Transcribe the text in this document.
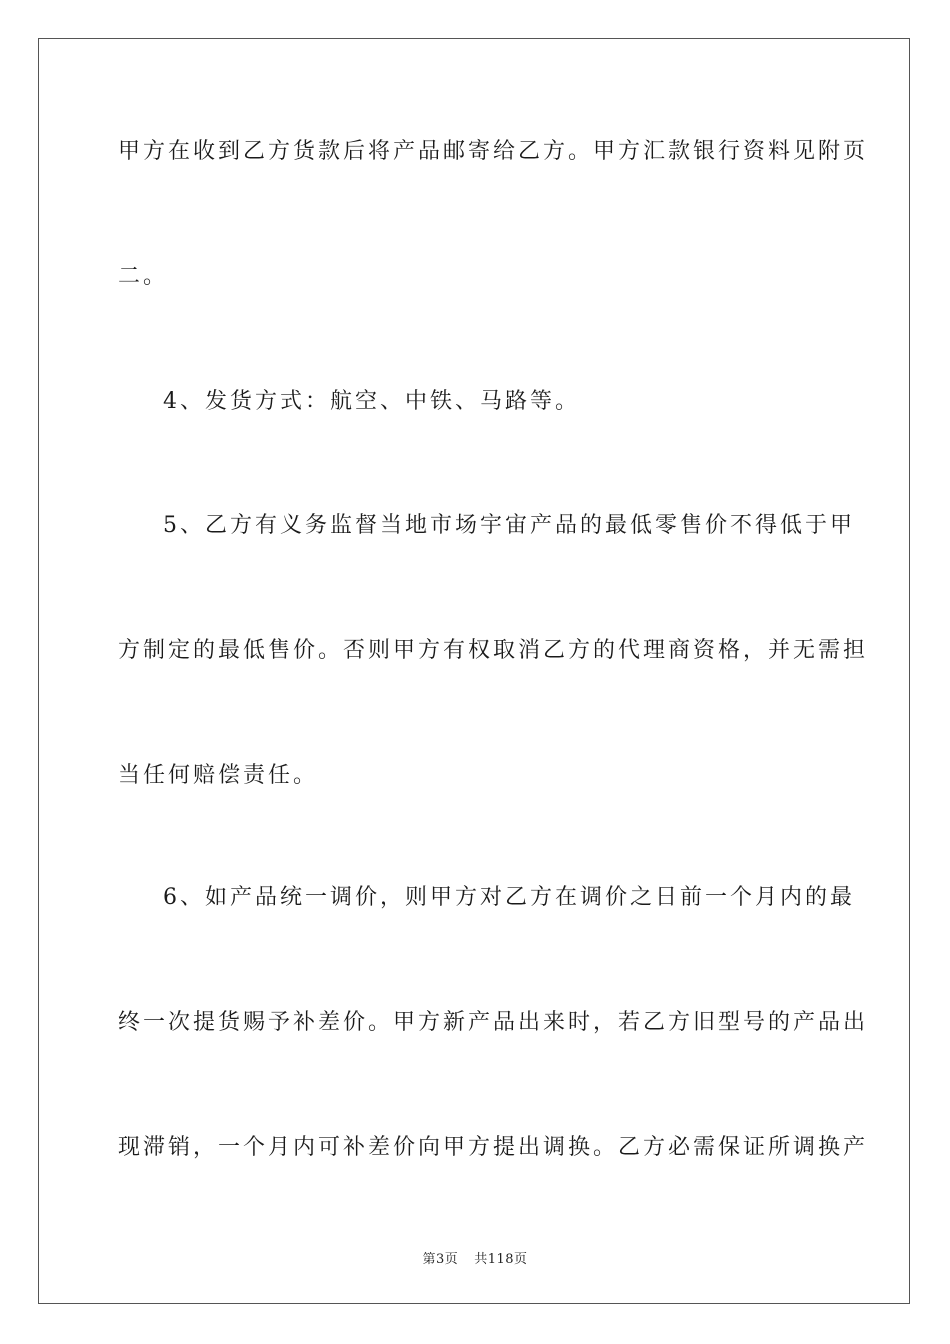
甲方在收到乙方货款后将产品邮寄给乙方。甲方汇款银行资料见附页
二。
4、发货方式：航空、中铁、马路等。
5、乙方有义务监督当地市场宇宙产品的最低零售价不得低于甲
方制定的最低售价。否则甲方有权取消乙方的代理商资格，并无需担
当任何赔偿责任。
6、如产品统一调价，则甲方对乙方在调价之日前一个月内的最
终一次提货赐予补差价。甲方新产品出来时，若乙方旧型号的产品出
现滞销，一个月内可补差价向甲方提出调换。乙方必需保证所调换产
第3页 共118页
